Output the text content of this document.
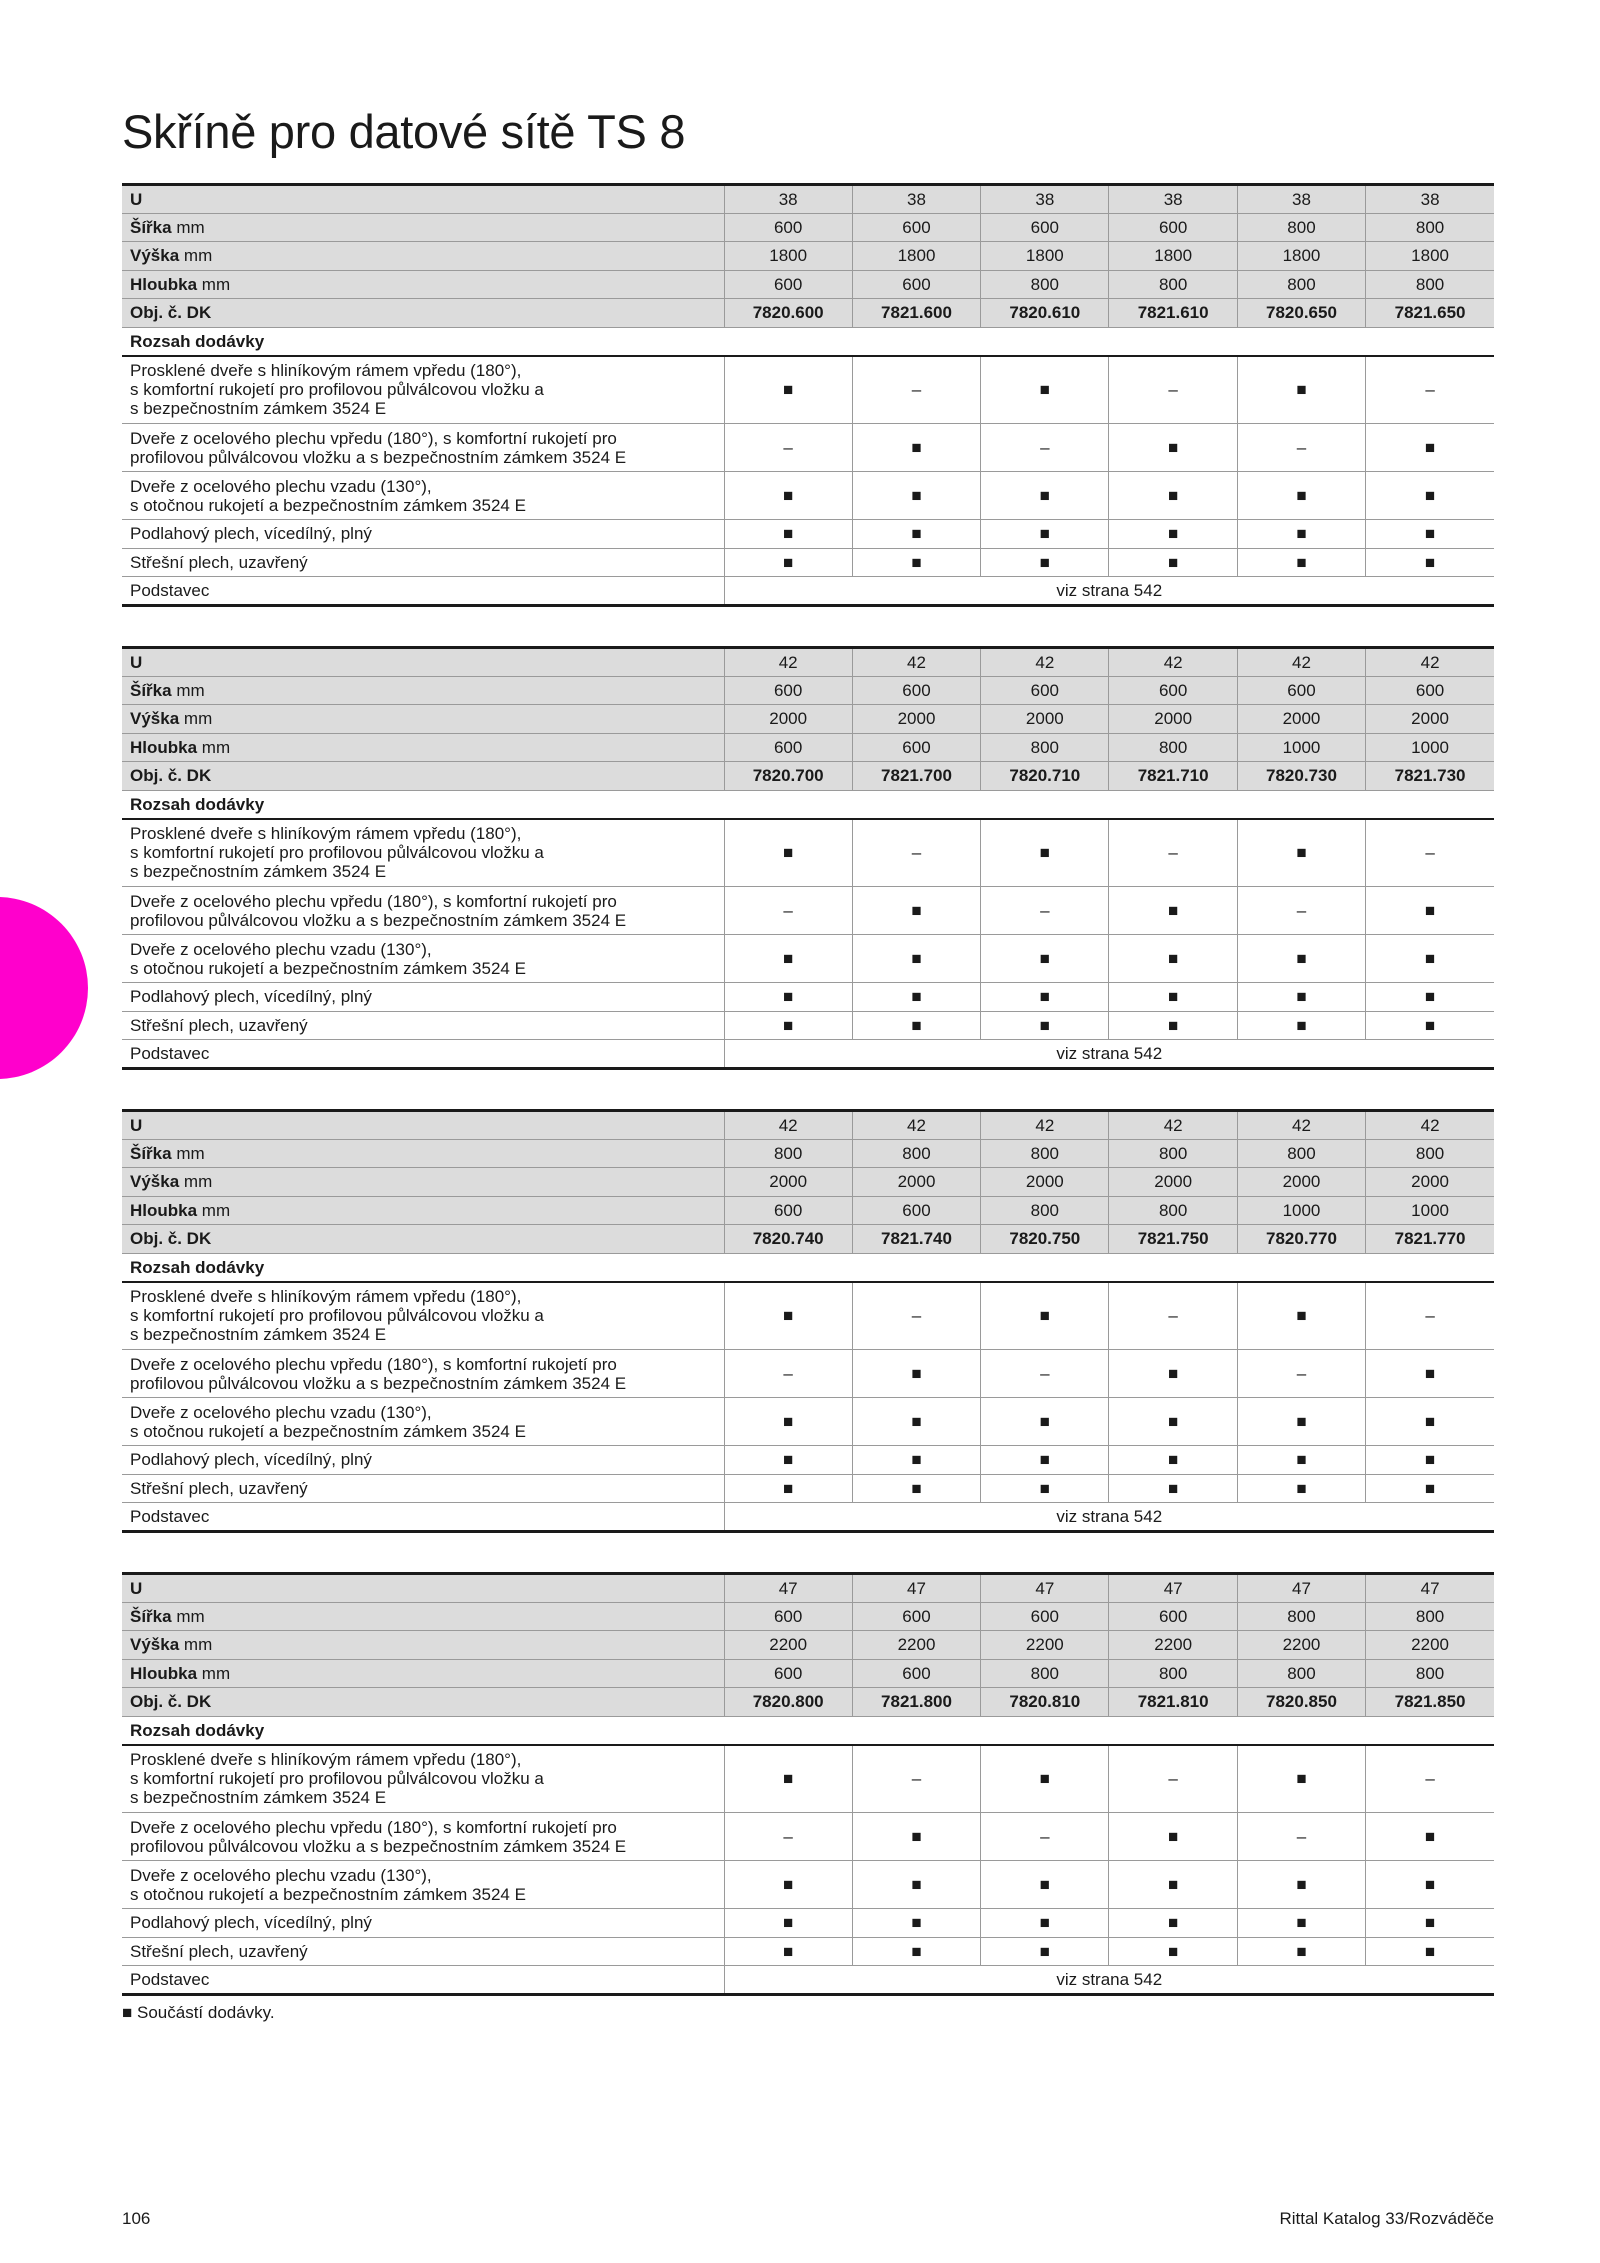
Skříně pro datové sítě TS 8
U	38	38	38	38	38	38
Šířka mm	600	600	600	600	800	800
Výška mm	1800	1800	1800	1800	1800	1800
Hloubka mm	600	600	800	800	800	800
Obj. č. DK	7820.600	7821.600	7820.610	7821.610	7820.650	7821.650
Rozsah dodávky						
Prosklené dveře s hliníkovým rámem vpředu (180°),
s komfortní rukojetí pro profilovou půlválcovou vložku a
s bezpečnostním zámkem 3524 E	■	–	■	–	■	–
Dveře z ocelového plechu vpředu (180°), s komfortní rukojetí pro
profilovou půlválcovou vložku a s bezpečnostním zámkem 3524 E	–	■	–	■	–	■
Dveře z ocelového plechu vzadu (130°),
s otočnou rukojetí a bezpečnostním zámkem 3524 E	■	■	■	■	■	■
Podlahový plech, vícedílný, plný	■	■	■	■	■	■
Střešní plech, uzavřený	■	■	■	■	■	■
Podstavec	viz strana 542					
U	42	42	42	42	42	42
Šířka mm	600	600	600	600	600	600
Výška mm	2000	2000	2000	2000	2000	2000
Hloubka mm	600	600	800	800	1000	1000
Obj. č. DK	7820.700	7821.700	7820.710	7821.710	7820.730	7821.730
Rozsah dodávky						
Prosklené dveře s hliníkovým rámem vpředu (180°),
s komfortní rukojetí pro profilovou půlválcovou vložku a
s bezpečnostním zámkem 3524 E	■	–	■	–	■	–
Dveře z ocelového plechu vpředu (180°), s komfortní rukojetí pro
profilovou půlválcovou vložku a s bezpečnostním zámkem 3524 E	–	■	–	■	–	■
Dveře z ocelového plechu vzadu (130°),
s otočnou rukojetí a bezpečnostním zámkem 3524 E	■	■	■	■	■	■
Podlahový plech, vícedílný, plný	■	■	■	■	■	■
Střešní plech, uzavřený	■	■	■	■	■	■
Podstavec	viz strana 542					
U	42	42	42	42	42	42
Šířka mm	800	800	800	800	800	800
Výška mm	2000	2000	2000	2000	2000	2000
Hloubka mm	600	600	800	800	1000	1000
Obj. č. DK	7820.740	7821.740	7820.750	7821.750	7820.770	7821.770
Rozsah dodávky						
Prosklené dveře s hliníkovým rámem vpředu (180°),
s komfortní rukojetí pro profilovou půlválcovou vložku a
s bezpečnostním zámkem 3524 E	■	–	■	–	■	–
Dveře z ocelového plechu vpředu (180°), s komfortní rukojetí pro
profilovou půlválcovou vložku a s bezpečnostním zámkem 3524 E	–	■	–	■	–	■
Dveře z ocelového plechu vzadu (130°),
s otočnou rukojetí a bezpečnostním zámkem 3524 E	■	■	■	■	■	■
Podlahový plech, vícedílný, plný	■	■	■	■	■	■
Střešní plech, uzavřený	■	■	■	■	■	■
Podstavec	viz strana 542					
U	47	47	47	47	47	47
Šířka mm	600	600	600	600	800	800
Výška mm	2200	2200	2200	2200	2200	2200
Hloubka mm	600	600	800	800	800	800
Obj. č. DK	7820.800	7821.800	7820.810	7821.810	7820.850	7821.850
Rozsah dodávky						
Prosklené dveře s hliníkovým rámem vpředu (180°),
s komfortní rukojetí pro profilovou půlválcovou vložku a
s bezpečnostním zámkem 3524 E	■	–	■	–	■	–
Dveře z ocelového plechu vpředu (180°), s komfortní rukojetí pro
profilovou půlválcovou vložku a s bezpečnostním zámkem 3524 E	–	■	–	■	–	■
Dveře z ocelového plechu vzadu (130°),
s otočnou rukojetí a bezpečnostním zámkem 3524 E	■	■	■	■	■	■
Podlahový plech, vícedílný, plný	■	■	■	■	■	■
Střešní plech, uzavřený	■	■	■	■	■	■
Podstavec	viz strana 542					
■ Součástí dodávky.
106	Rittal Katalog 33/Rozváděče
